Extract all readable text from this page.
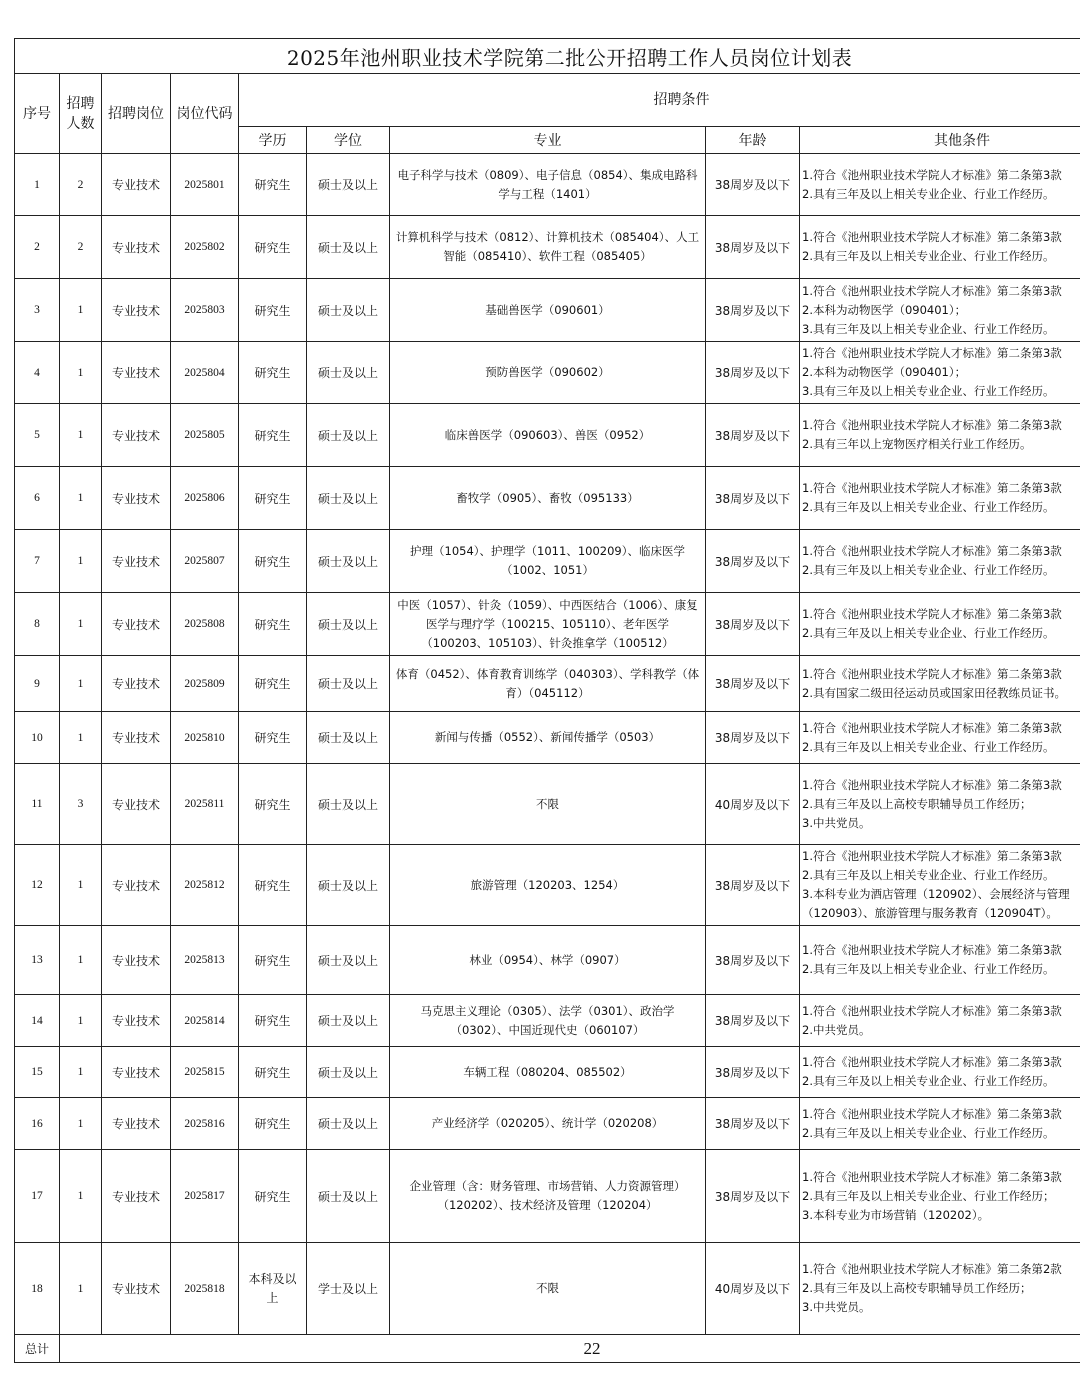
2025年池州职业技术学院第二批公开招聘工作人员岗位计划表								
序号	招聘人数	招聘岗位	岗位代码	招聘条件				
				学历	学位	专业	年龄	其他条件
1	2	专业技术	2025801	研究生	硕士及以上	电子科学与技术（0809）、电子信息（0854）、集成电路科学与工程（1401）	38周岁及以下	1.符合《池州职业技术学院人才标准》第二条第3款
2.具有三年及以上相关专业企业、行业工作经历。

2	2	专业技术	2025802	研究生	硕士及以上	计算机科学与技术（0812）、计算机技术（085404）、人工智能（085410）、软件工程（085405）	38周岁及以下	1.符合《池州职业技术学院人才标准》第二条第3款
2.具有三年及以上相关专业企业、行业工作经历。

3	1	专业技术	2025803	研究生	硕士及以上	基础兽医学（090601）	38周岁及以下	1.符合《池州职业技术学院人才标准》第二条第3款
2.本科为动物医学（090401）；
3.具有三年及以上相关专业企业、行业工作经历。

4	1	专业技术	2025804	研究生	硕士及以上	预防兽医学（090602）	38周岁及以下	1.符合《池州职业技术学院人才标准》第二条第3款
2.本科为动物医学（090401）；
3.具有三年及以上相关专业企业、行业工作经历。

5	1	专业技术	2025805	研究生	硕士及以上	临床兽医学（090603）、兽医（0952）	38周岁及以下	1.符合《池州职业技术学院人才标准》第二条第3款
2.具有三年以上宠物医疗相关行业工作经历。

6	1	专业技术	2025806	研究生	硕士及以上	畜牧学（0905）、畜牧（095133）	38周岁及以下	1.符合《池州职业技术学院人才标准》第二条第3款
2.具有三年及以上相关专业企业、行业工作经历。

7	1	专业技术	2025807	研究生	硕士及以上	护理（1054）、护理学（1011、100209）、临床医学（1002、1051）	38周岁及以下	1.符合《池州职业技术学院人才标准》第二条第3款
2.具有三年及以上相关专业企业、行业工作经历。

8	1	专业技术	2025808	研究生	硕士及以上	中医（1057）、针灸（1059）、中西医结合（1006）、康复医学与理疗学（100215、105110）、老年医学（100203、105103）、针灸推拿学（100512）	38周岁及以下	1.符合《池州职业技术学院人才标准》第二条第3款
2.具有三年及以上相关专业企业、行业工作经历。

9	1	专业技术	2025809	研究生	硕士及以上	体育（0452）、体育教育训练学（040303）、学科教学（体育）（045112）	38周岁及以下	1.符合《池州职业技术学院人才标准》第二条第3款
2.具有国家二级田径运动员或国家田径教练员证书。

10	1	专业技术	2025810	研究生	硕士及以上	新闻与传播（0552）、新闻传播学（0503）	38周岁及以下	1.符合《池州职业技术学院人才标准》第二条第3款
2.具有三年及以上相关专业企业、行业工作经历。

11	3	专业技术	2025811	研究生	硕士及以上	不限	40周岁及以下	1.符合《池州职业技术学院人才标准》第二条第3款
2.具有三年及以上高校专职辅导员工作经历；
3.中共党员。

12	1	专业技术	2025812	研究生	硕士及以上	旅游管理（120203、1254）	38周岁及以下	1.符合《池州职业技术学院人才标准》第二条第3款
2.具有三年及以上相关专业企业、行业工作经历。
3.本科专业为酒店管理（120902）、会展经济与管理
（120903）、旅游管理与服务教育（120904T）。

13	1	专业技术	2025813	研究生	硕士及以上	林业（0954）、林学（0907）	38周岁及以下	1.符合《池州职业技术学院人才标准》第二条第3款
2.具有三年及以上相关专业企业、行业工作经历。

14	1	专业技术	2025814	研究生	硕士及以上	马克思主义理论（0305）、法学（0301）、政治学（0302）、中国近现代史（060107）	38周岁及以下	1.符合《池州职业技术学院人才标准》第二条第3款
2.中共党员。

15	1	专业技术	2025815	研究生	硕士及以上	车辆工程（080204、085502）	38周岁及以下	1.符合《池州职业技术学院人才标准》第二条第3款
2.具有三年及以上相关专业企业、行业工作经历。

16	1	专业技术	2025816	研究生	硕士及以上	产业经济学（020205）、统计学（020208）	38周岁及以下	1.符合《池州职业技术学院人才标准》第二条第3款
2.具有三年及以上相关专业企业、行业工作经历。

17	1	专业技术	2025817	研究生	硕士及以上	企业管理（含：财务管理、市场营销、人力资源管理）（120202）、技术经济及管理（120204）	38周岁及以下	1.符合《池州职业技术学院人才标准》第二条第3款
2.具有三年及以上相关专业企业、行业工作经历；
3.本科专业为市场营销（120202）。

18	1	专业技术	2025818	本科及以上	学士及以上	不限	40周岁及以下	1.符合《池州职业技术学院人才标准》第二条第2款
2.具有三年及以上高校专职辅导员工作经历；
3.中共党员。

总计	22							
